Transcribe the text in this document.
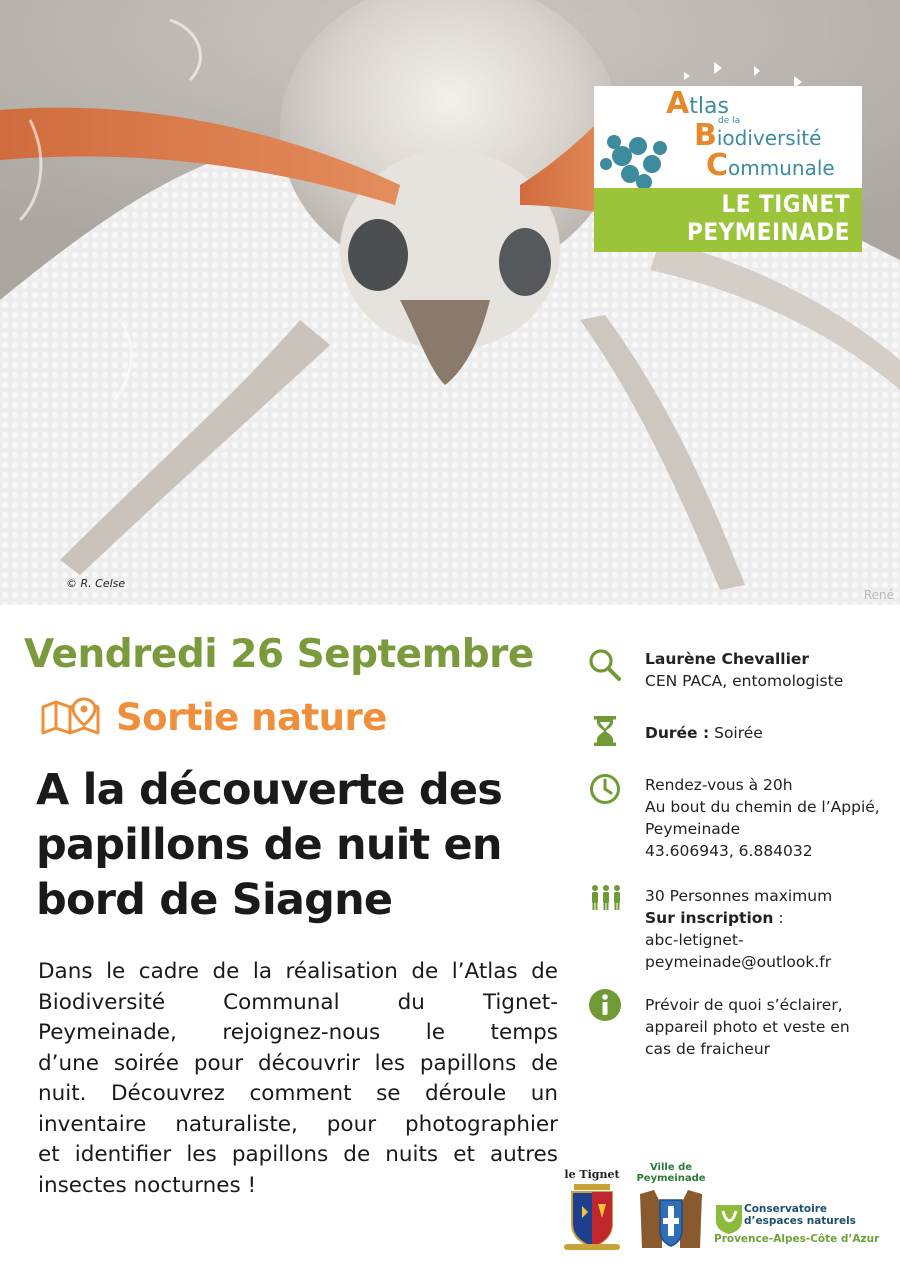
© R. Celse
René
Atlas
de la
Biodiversité
Communale
LE TIGNET
PEYMEINADE
Vendredi 26 Septembre
Sortie nature
A la découverte des
papillons de nuit en
bord de Siagne
Dans le cadre de la réalisation de l’Atlas de
Biodiversité Communal du Tignet-
Peymeinade, rejoignez-nous le temps
d’une soirée pour découvrir les papillons de
nuit. Découvrez comment se déroule un
inventaire naturaliste, pour photographier
et identifier les papillons de nuits et autres
insectes nocturnes !
Laurène Chevallier
CEN PACA, entomologiste
Durée : Soirée
Rendez-vous à 20h
Au bout du chemin de l’Appié,
Peymeinade
43.606943, 6.884032
30 Personnes maximum
Sur inscription :
abc-letignet-
peymeinade@outlook.fr
Prévoir de quoi s’éclairer,
appareil photo et veste en
cas de fraicheur
le Tignet
Ville de
Peymeinade
Conservatoire
d’espaces naturels
Provence-Alpes-Côte d’Azur
